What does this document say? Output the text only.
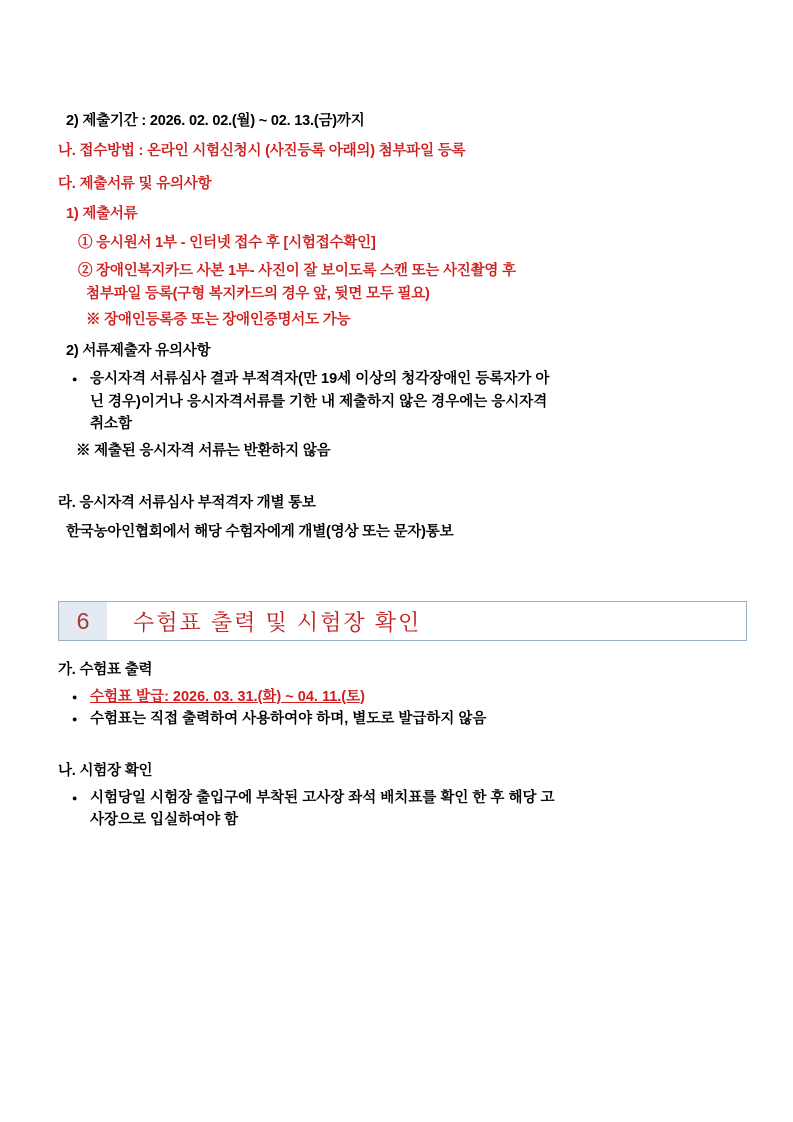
2) 제출기간 : 2026. 02. 02.(월) ~ 02. 13.(금)까지
나. 접수방법 : 온라인 시험신청시 (사진등록 아래의) 첨부파일 등록
다. 제출서류 및 유의사항
1) 제출서류
① 응시원서 1부 - 인터넷 접수 후 [시험접수확인]
② 장애인복지카드 사본 1부- 사진이 잘 보이도록 스캔 또는 사진촬영 후
첨부파일 등록(구형 복지카드의 경우 앞, 뒷면 모두 필요)
※ 장애인등록증 또는 장애인증명서도 가능
2) 서류제출자 유의사항
● 응시자격 서류심사 결과 부적격자(만 19세 이상의 청각장애인 등록자가 아
닌 경우)이거나 응시자격서류를 기한 내 제출하지 않은 경우에는 응시자격
취소함
※ 제출된 응시자격 서류는 반환하지 않음
라. 응시자격 서류심사 부적격자 개별 통보
한국농아인협회에서 해당 수험자에게 개별(영상 또는 문자)통보
6	수험표 출력 및 시험장 확인
가. 수험표 출력
● 수험표 발급: 2026. 03. 31.(화) ~ 04. 11.(토)
● 수험표는 직접 출력하여 사용하여야 하며, 별도로 발급하지 않음
나. 시험장 확인
● 시험당일 시험장 출입구에 부착된 고사장 좌석 배치표를 확인 한 후 해당 고
사장으로 입실하여야 함
